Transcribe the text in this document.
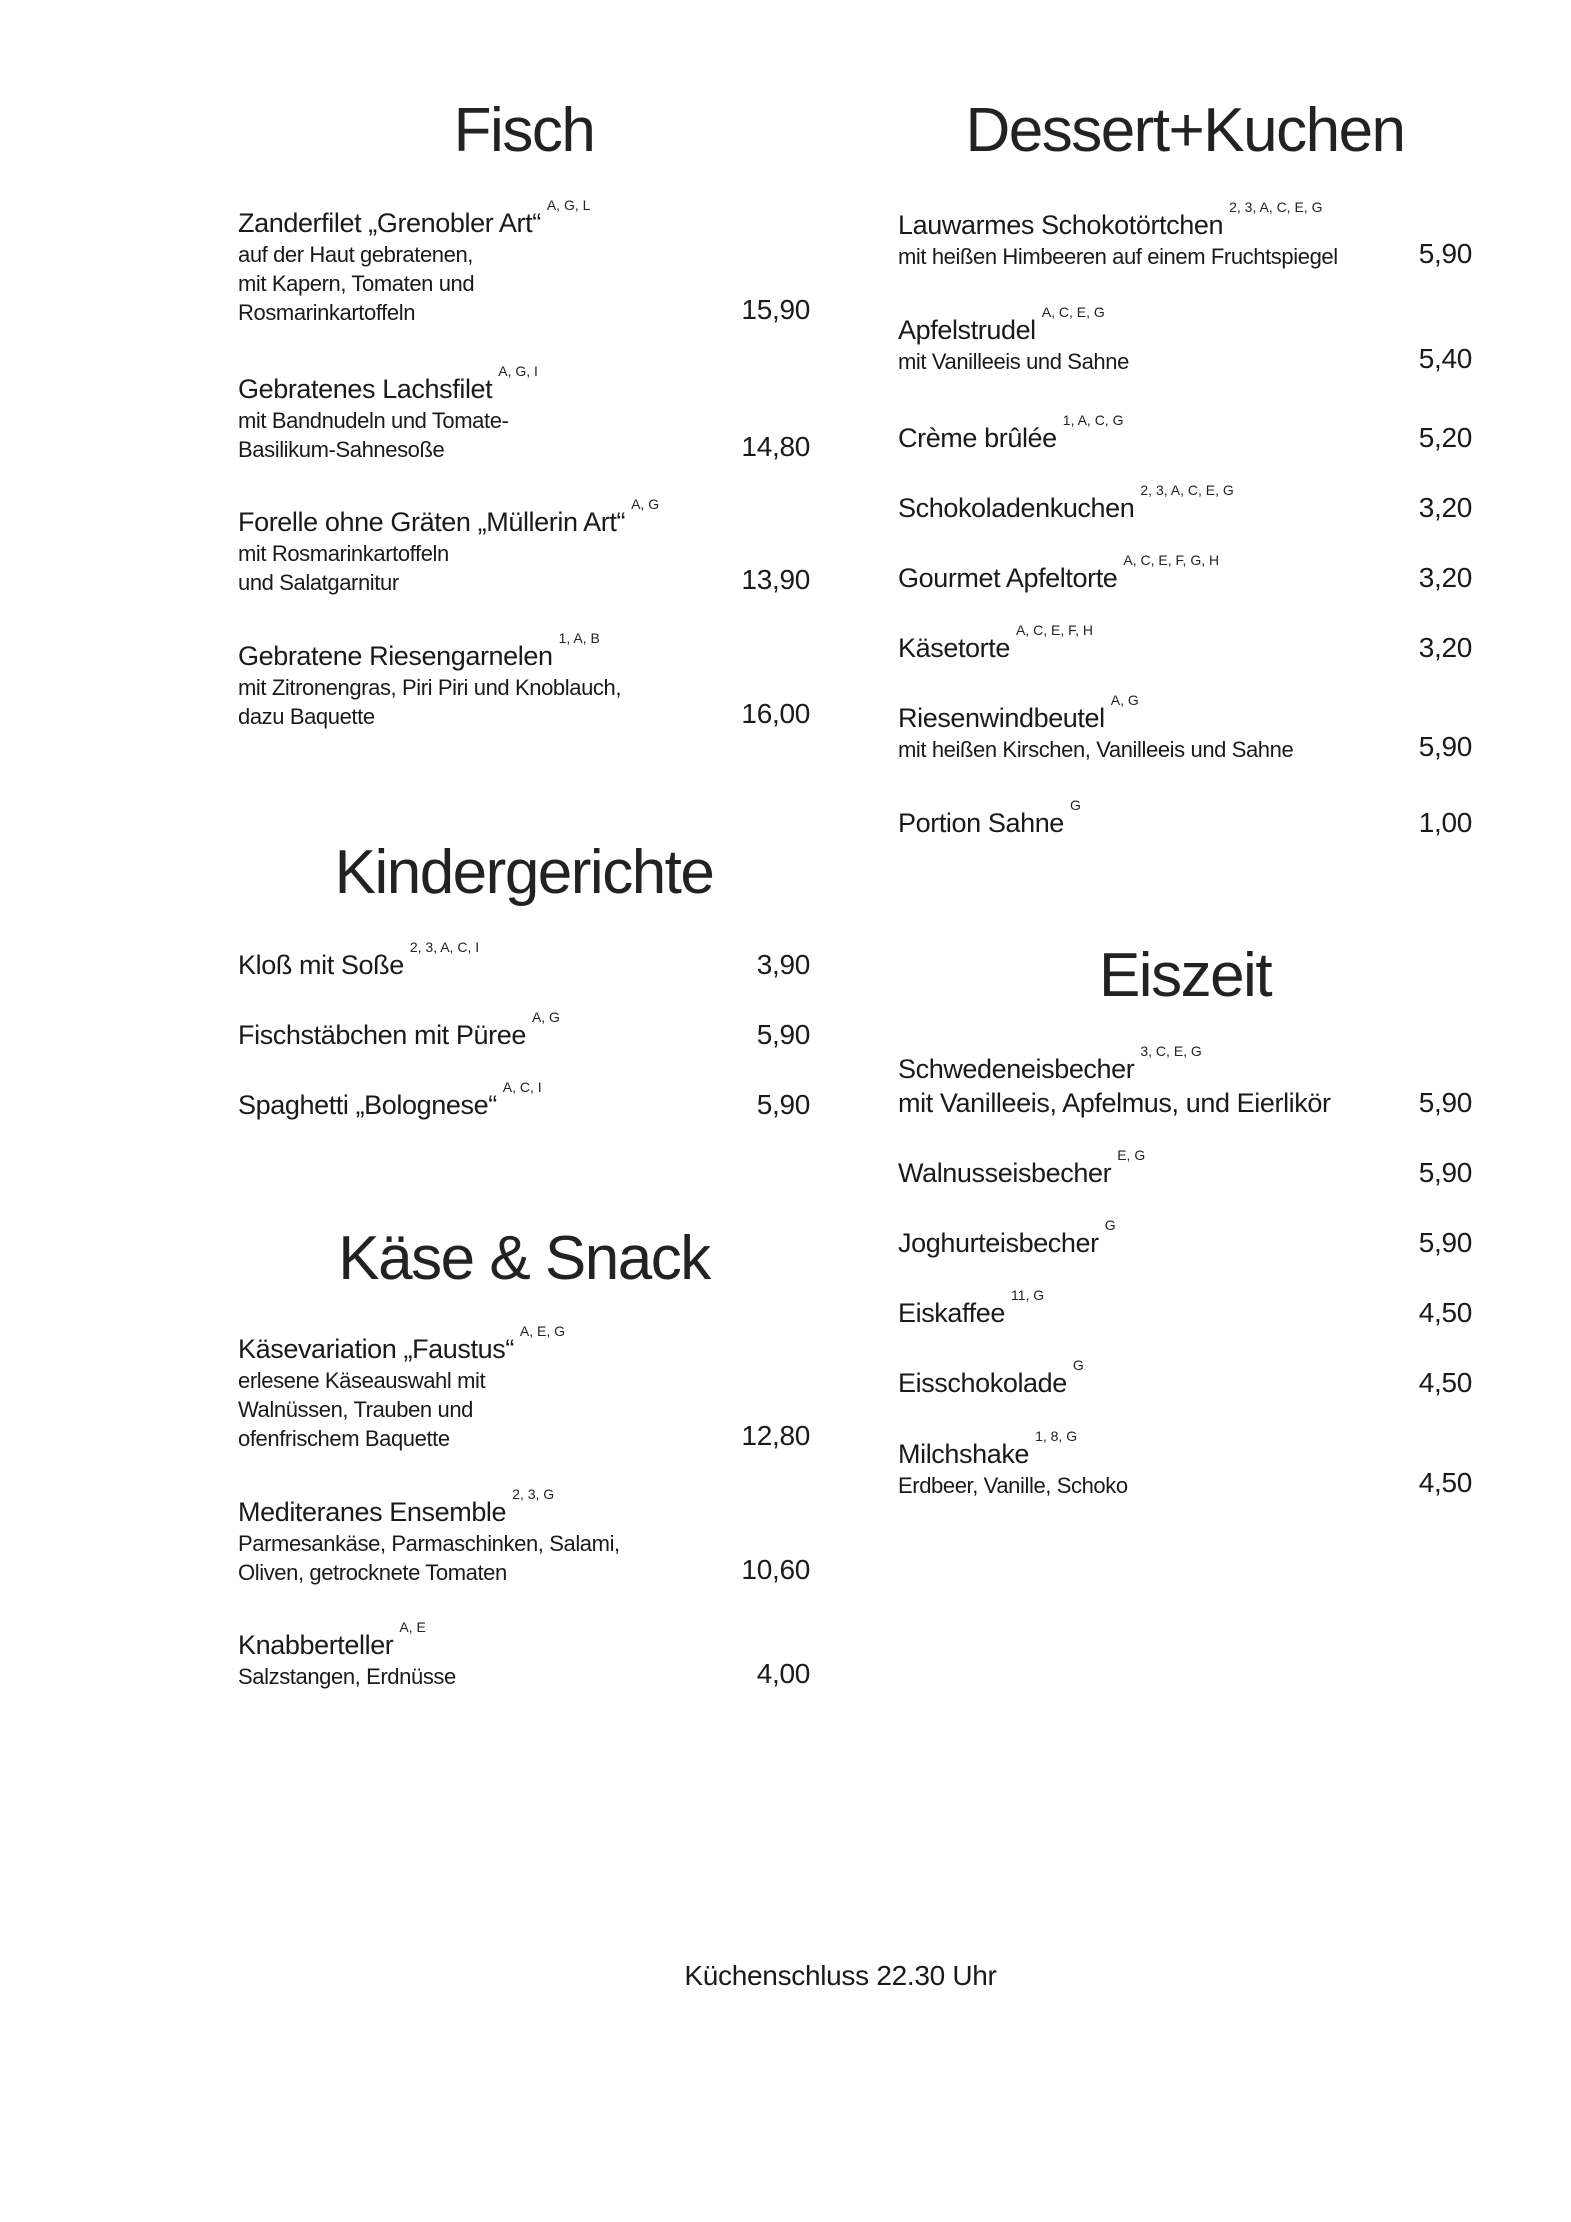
Fisch
Zanderfilet „Grenobler Art“A, G, L
auf der Haut gebratenen,
mit Kapern, Tomaten und
Rosmarinkartoffeln	15,90
Gebratenes LachsfiletA, G, I
mit Bandnudeln und Tomate-
Basilikum-Sahnesoße	14,80
Forelle ohne Gräten „Müllerin Art“A, G
mit Rosmarinkartoffeln
und Salatgarnitur	13,90
Gebratene Riesengarnelen1, A, B
mit Zitronengras, Piri Piri und Knoblauch,
dazu Baquette	16,00
Kindergerichte
Kloß mit Soße2, 3, A, C, I
3,90
Fischstäbchen mit PüreeA, G
5,90
Spaghetti „Bolognese“A, C, I
5,90
Käse & Snack
Käsevariation „Faustus“A, E, G
erlesene Käseauswahl mit
Walnüssen, Trauben und
ofenfrischem Baquette	12,80
Mediteranes Ensemble2, 3, G
Parmesankäse, Parmaschinken, Salami,
Oliven, getrocknete Tomaten	10,60
KnabbertellerA, E
Salzstangen, Erdnüsse	4,00
Dessert+Kuchen
Lauwarmes Schokotörtchen2, 3, A, C, E, G
mit heißen Himbeeren auf einem Fruchtspiegel	5,90
ApfelstrudelA, C, E, G
mit Vanilleeis und Sahne	5,40
Crème brûlée1, A, C, G
5,20
Schokoladenkuchen2, 3, A, C, E, G
3,20
Gourmet ApfeltorteA, C, E, F, G, H
3,20
KäsetorteA, C, E, F, H
3,20
RiesenwindbeutelA, G
mit heißen Kirschen, Vanilleeis und Sahne	5,90
Portion SahneG
1,00
Eiszeit
Schwedeneisbecher3, C, E, G
mit Vanilleeis, Apfelmus, und Eierlikör	5,90
WalnusseisbecherE, G
5,90
JoghurteisbecherG
5,90
Eiskaffee11, G
4,50
EisschokoladeG
4,50
Milchshake1, 8, G
Erdbeer, Vanille, Schoko	4,50
Küchenschluss 22.30 Uhr
